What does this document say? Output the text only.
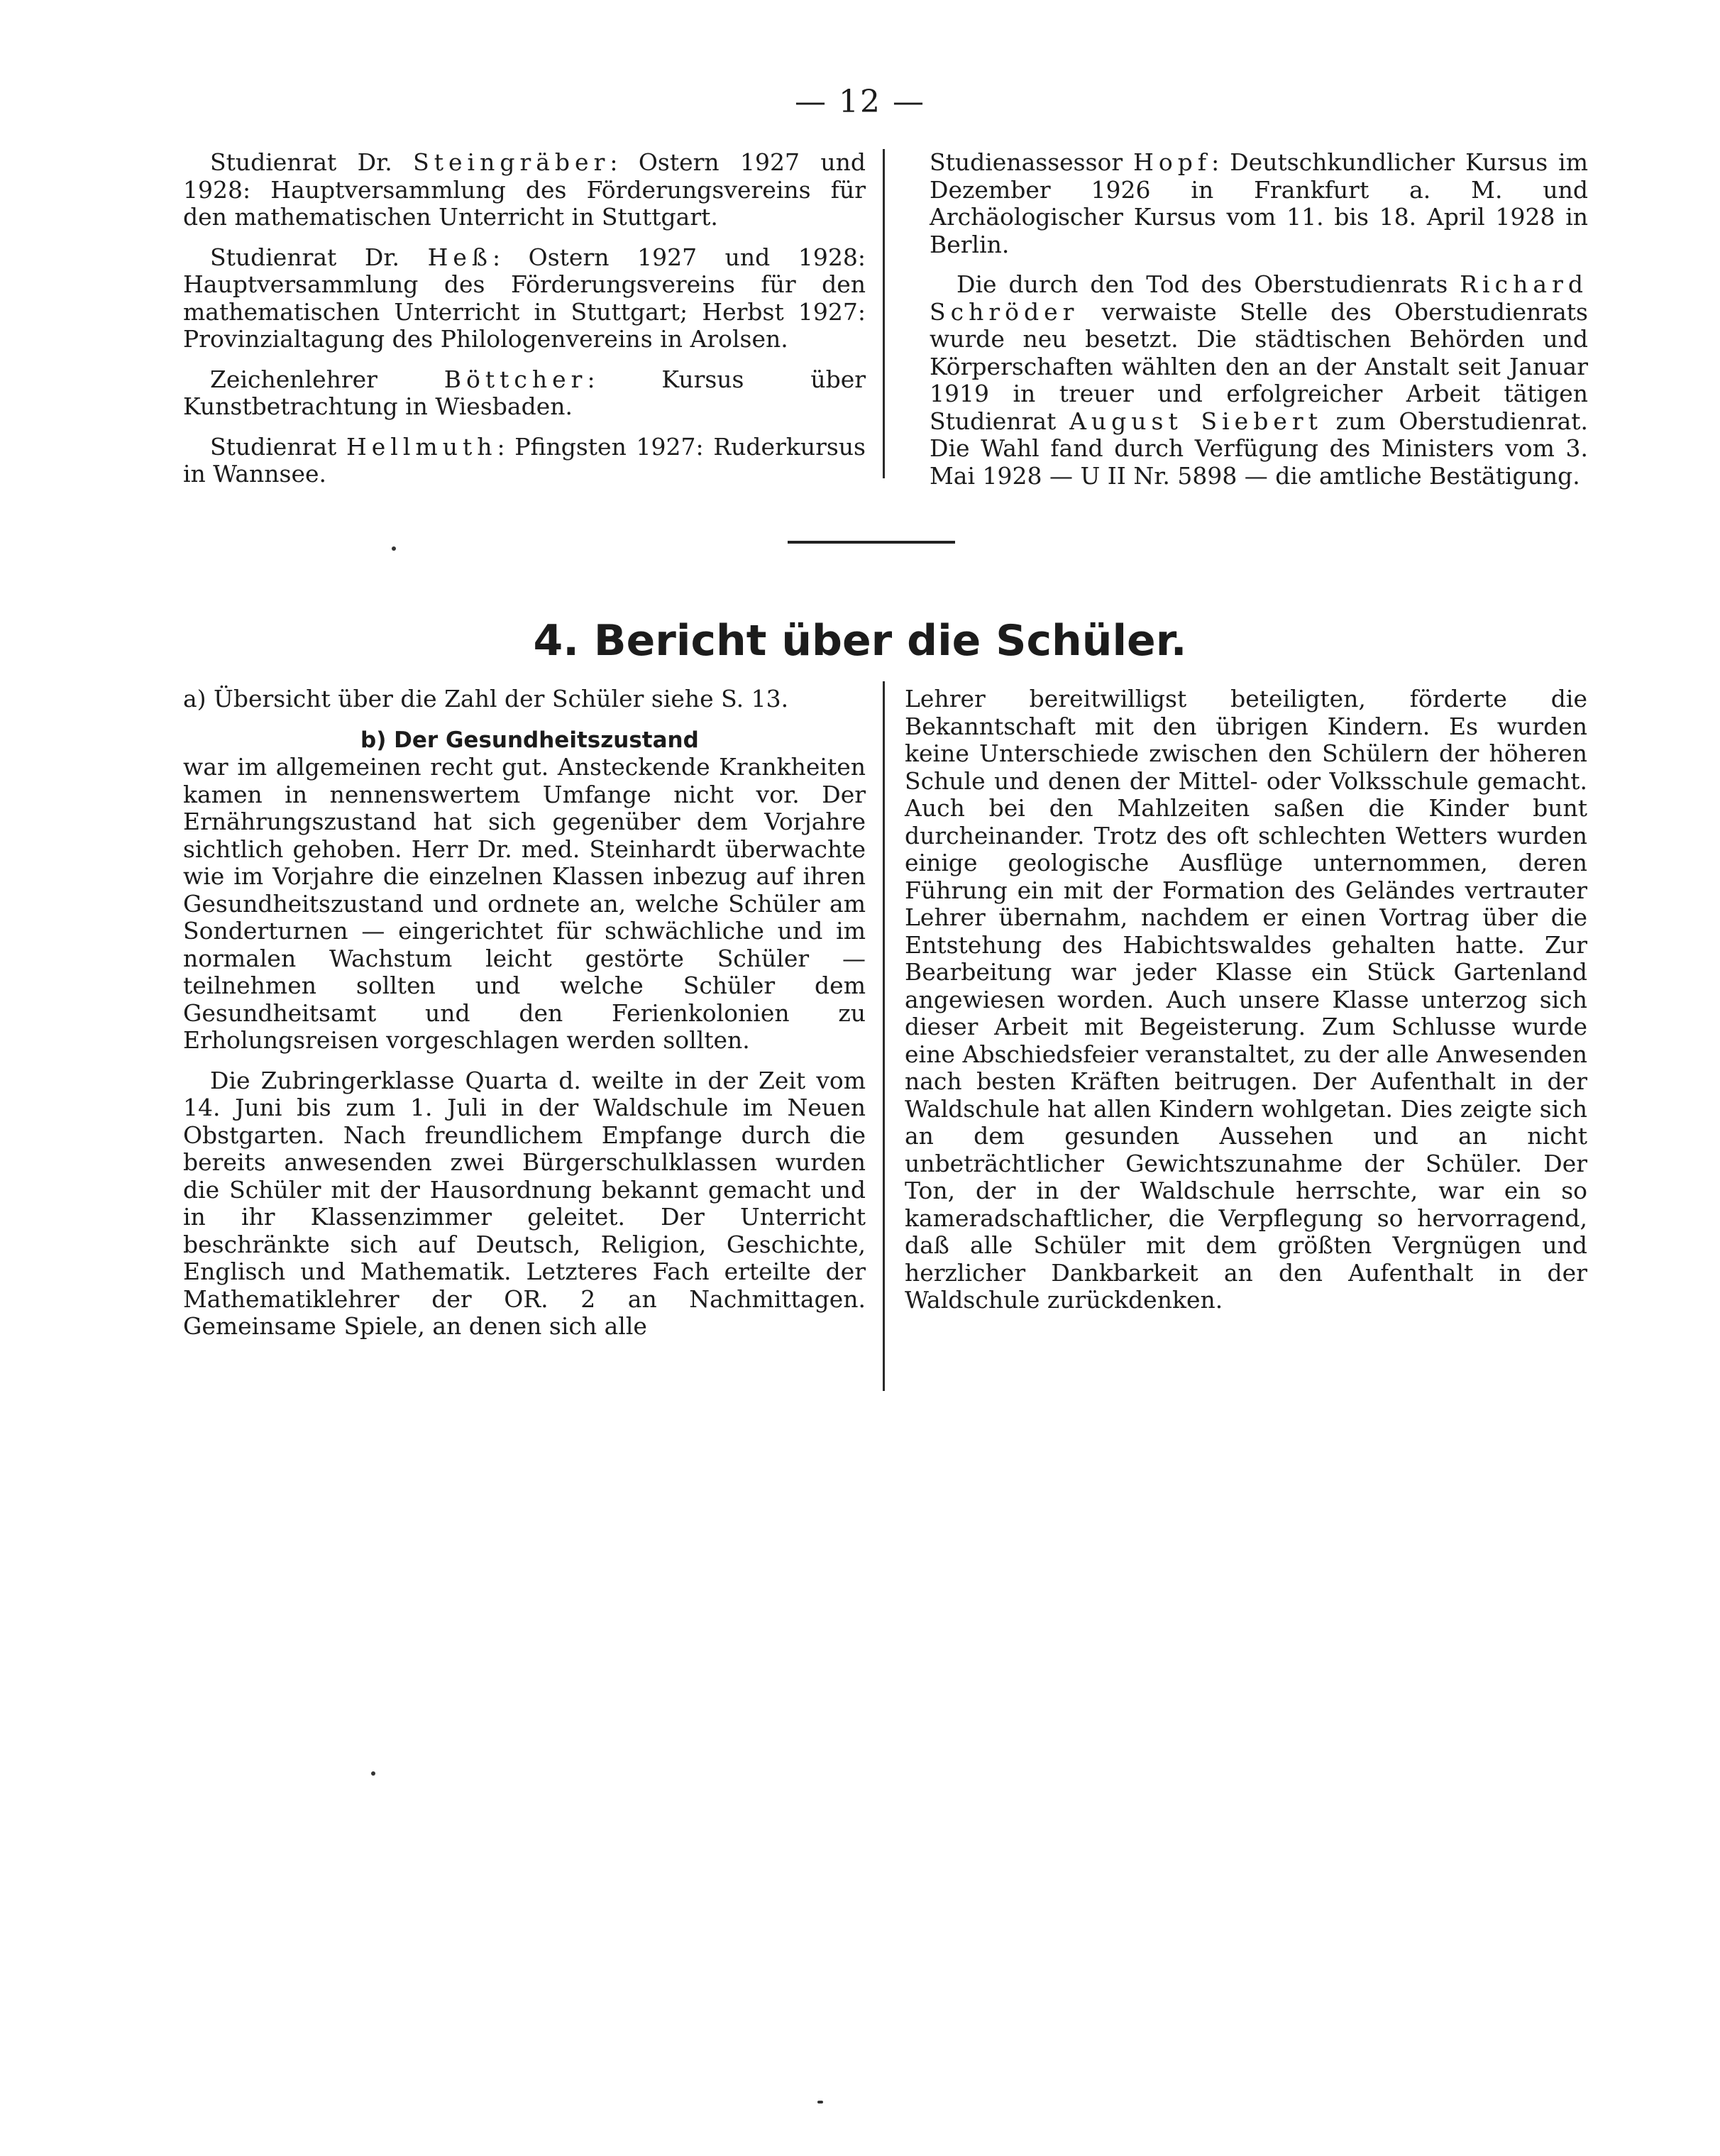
— 12 —

Studienrat Dr. Steingräber: Ostern 1927 und 1928: Hauptversammlung des Förderungsvereins für den mathematischen Unterricht in Stuttgart.

Studienrat Dr. Heß: Ostern 1927 und 1928: Hauptversammlung des Förderungsvereins für den mathematischen Unterricht in Stuttgart; Herbst 1927: Provinzialtagung des Philologenvereins in Arolsen.

Zeichenlehrer Böttcher: Kursus über Kunstbetrachtung in Wiesbaden.

Studienrat Hellmuth: Pfingsten 1927: Ruderkursus in Wannsee.

Studienassessor Hopf: Deutschkundlicher Kursus im Dezember 1926 in Frankfurt a. M. und Archäologischer Kursus vom 11. bis 18. April 1928 in Berlin.

Die durch den Tod des Oberstudienrats Richard Schröder verwaiste Stelle des Oberstudienrats wurde neu besetzt. Die städtischen Behörden und Körperschaften wählten den an der Anstalt seit Januar 1919 in treuer und erfolgreicher Arbeit tätigen Studienrat August Siebert zum Oberstudienrat. Die Wahl fand durch Verfügung des Ministers vom 3. Mai 1928 — U II Nr. 5898 — die amtliche Bestätigung.

4. Bericht über die Schüler.

a) Übersicht über die Zahl der Schüler siehe S. 13.

b) Der Gesundheitszustand
war im allgemeinen recht gut. Ansteckende Krankheiten kamen in nennenswertem Umfange nicht vor. Der Ernährungszustand hat sich gegenüber dem Vorjahre sichtlich gehoben. Herr Dr. med. Steinhardt überwachte wie im Vorjahre die einzelnen Klassen inbezug auf ihren Gesundheitszustand und ordnete an, welche Schüler am Sonderturnen — eingerichtet für schwächliche und im normalen Wachstum leicht gestörte Schüler — teilnehmen sollten und welche Schüler dem Gesundheitsamt und den Ferienkolonien zu Erholungsreisen vorgeschlagen werden sollten.

Die Zubringerklasse Quarta d. weilte in der Zeit vom 14. Juni bis zum 1. Juli in der Waldschule im Neuen Obstgarten. Nach freundlichem Empfange durch die bereits anwesenden zwei Bürgerschulklassen wurden die Schüler mit der Hausordnung bekannt gemacht und in ihr Klassenzimmer geleitet. Der Unterricht beschränkte sich auf Deutsch, Religion, Geschichte, Englisch und Mathematik. Letzteres Fach erteilte der Mathematiklehrer der OR. 2 an Nachmittagen. Gemeinsame Spiele, an denen sich alle

Lehrer bereitwilligst beteiligten, förderte die Bekanntschaft mit den übrigen Kindern. Es wurden keine Unterschiede zwischen den Schülern der höheren Schule und denen der Mittel- oder Volksschule gemacht. Auch bei den Mahlzeiten saßen die Kinder bunt durcheinander. Trotz des oft schlechten Wetters wurden einige geologische Ausflüge unternommen, deren Führung ein mit der Formation des Geländes vertrauter Lehrer übernahm, nachdem er einen Vortrag über die Entstehung des Habichtswaldes gehalten hatte. Zur Bearbeitung war jeder Klasse ein Stück Gartenland angewiesen worden. Auch unsere Klasse unterzog sich dieser Arbeit mit Begeisterung. Zum Schlusse wurde eine Abschiedsfeier veranstaltet, zu der alle Anwesenden nach besten Kräften beitrugen. Der Aufenthalt in der Waldschule hat allen Kindern wohlgetan. Dies zeigte sich an dem gesunden Aussehen und an nicht unbeträchtlicher Gewichtszunahme der Schüler. Der Ton, der in der Waldschule herrschte, war ein so kameradschaftlicher, die Verpflegung so hervorragend, daß alle Schüler mit dem größten Vergnügen und herzlicher Dankbarkeit an den Aufenthalt in der Waldschule zurückdenken.
